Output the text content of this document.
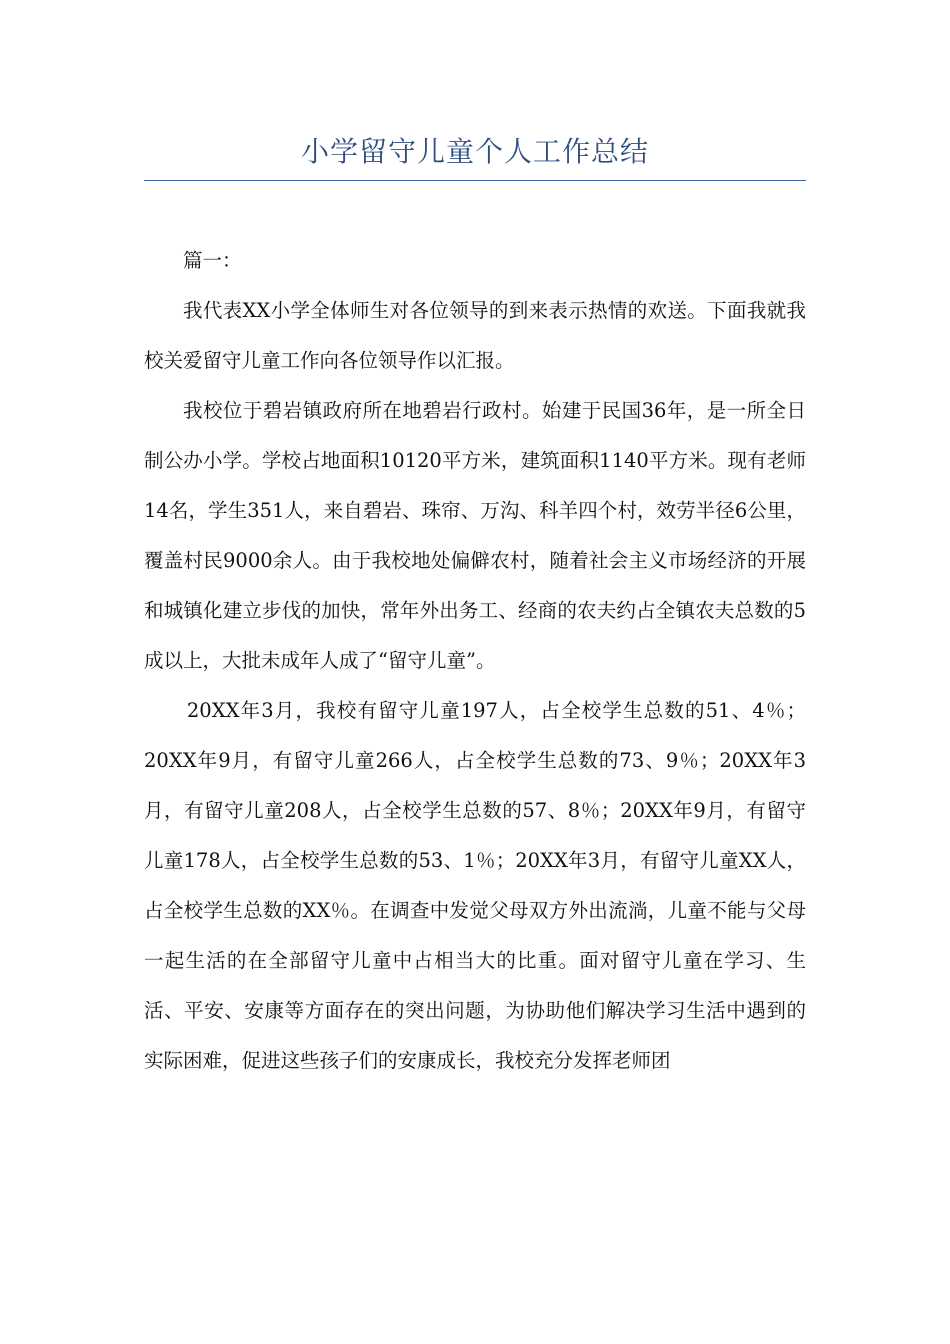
小学留守儿童个人工作总结

篇一：

我代表XX小学全体师生对各位领导的到来表示热情的欢送。下面我就我校关爱留守儿童工作向各位领导作以汇报。

我校位于碧岩镇政府所在地碧岩行政村。始建于民国36年，是一所全日制公办小学。学校占地面积10120平方米，建筑面积1140平方米。现有老师14名，学生351人，来自碧岩、珠帘、万沟、科羊四个村，效劳半径6公里，覆盖村民9000余人。由于我校地处偏僻农村，随着社会主义市场经济的开展和城镇化建立步伐的加快，常年外出务工、经商的农夫约占全镇农夫总数的5成以上，大批未成年人成了“留守儿童”。

20XX年3月，我校有留守儿童197人，占全校学生总数的51、4％；20XX年9月，有留守儿童266人，占全校学生总数的73、9％；20XX年3月，有留守儿童208人，占全校学生总数的57、8％；20XX年9月，有留守儿童178人，占全校学生总数的53、1％；20XX年3月，有留守儿童XX人，占全校学生总数的XX％。在调查中发觉父母双方外出流淌，儿童不能与父母一起生活的在全部留守儿童中占相当大的比重。面对留守儿童在学习、生活、平安、安康等方面存在的突出问题，为协助他们解决学习生活中遇到的实际困难，促进这些孩子们的安康成长，我校充分发挥老师团
